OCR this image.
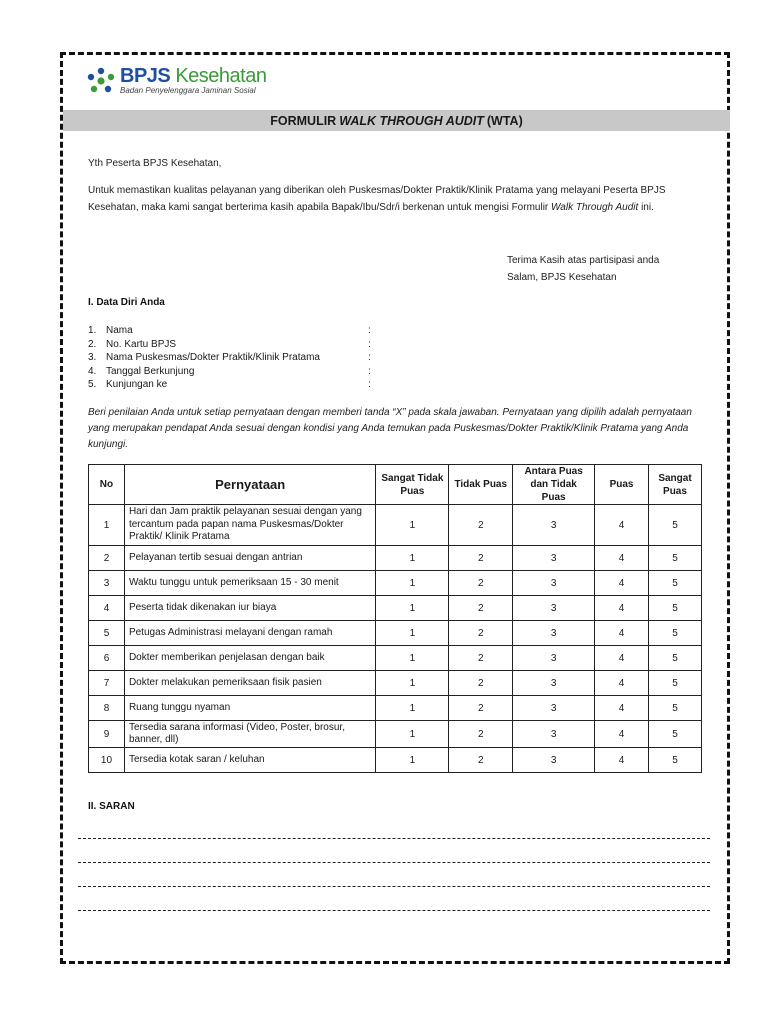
BPJS Kesehatan
Badan Penyelenggara Jaminan Sosial
FORMULIR WALK THROUGH AUDIT (WTA)
Yth Peserta BPJS Kesehatan,
Untuk memastikan kualitas pelayanan yang diberikan oleh Puskesmas/Dokter Praktik/Klinik Pratama yang melayani Peserta BPJS Kesehatan, maka kami sangat berterima kasih apabila Bapak/Ibu/Sdr/i berkenan untuk mengisi Formulir Walk Through Audit ini.
Terima Kasih atas partisipasi anda
Salam, BPJS Kesehatan
I. Data Diri Anda
1. Nama	:
2. No. Kartu BPJS	:
3. Nama Puskesmas/Dokter Praktik/Klinik Pratama	:
4. Tanggal Berkunjung	:
5. Kunjungan ke	:
Beri penilaian Anda untuk setiap pernyataan dengan memberi tanda “X” pada skala jawaban. Pernyataan yang dipilih adalah pernyataan yang merupakan pendapat Anda sesuai dengan kondisi yang Anda temukan pada Puskesmas/Dokter Praktik/Klinik Pratama yang Anda kunjungi.
No	Pernyataan	Sangat Tidak Puas	Tidak Puas	Antara Puas dan Tidak Puas	Puas	Sangat Puas
1	Hari dan Jam praktik pelayanan sesuai dengan yang tercantum pada papan nama Puskesmas/Dokter Praktik/ Klinik Pratama	1	2	3	4	5
2	Pelayanan tertib sesuai dengan antrian	1	2	3	4	5
3	Waktu tunggu untuk pemeriksaan 15 - 30 menit	1	2	3	4	5
4	Peserta tidak dikenakan iur biaya	1	2	3	4	5
5	Petugas Administrasi melayani dengan ramah	1	2	3	4	5
6	Dokter memberikan penjelasan dengan baik	1	2	3	4	5
7	Dokter melakukan pemeriksaan fisik pasien	1	2	3	4	5
8	Ruang tunggu nyaman	1	2	3	4	5
9	Tersedia sarana informasi (Video, Poster, brosur, banner, dll)	1	2	3	4	5
10	Tersedia kotak saran / keluhan	1	2	3	4	5
II. SARAN
